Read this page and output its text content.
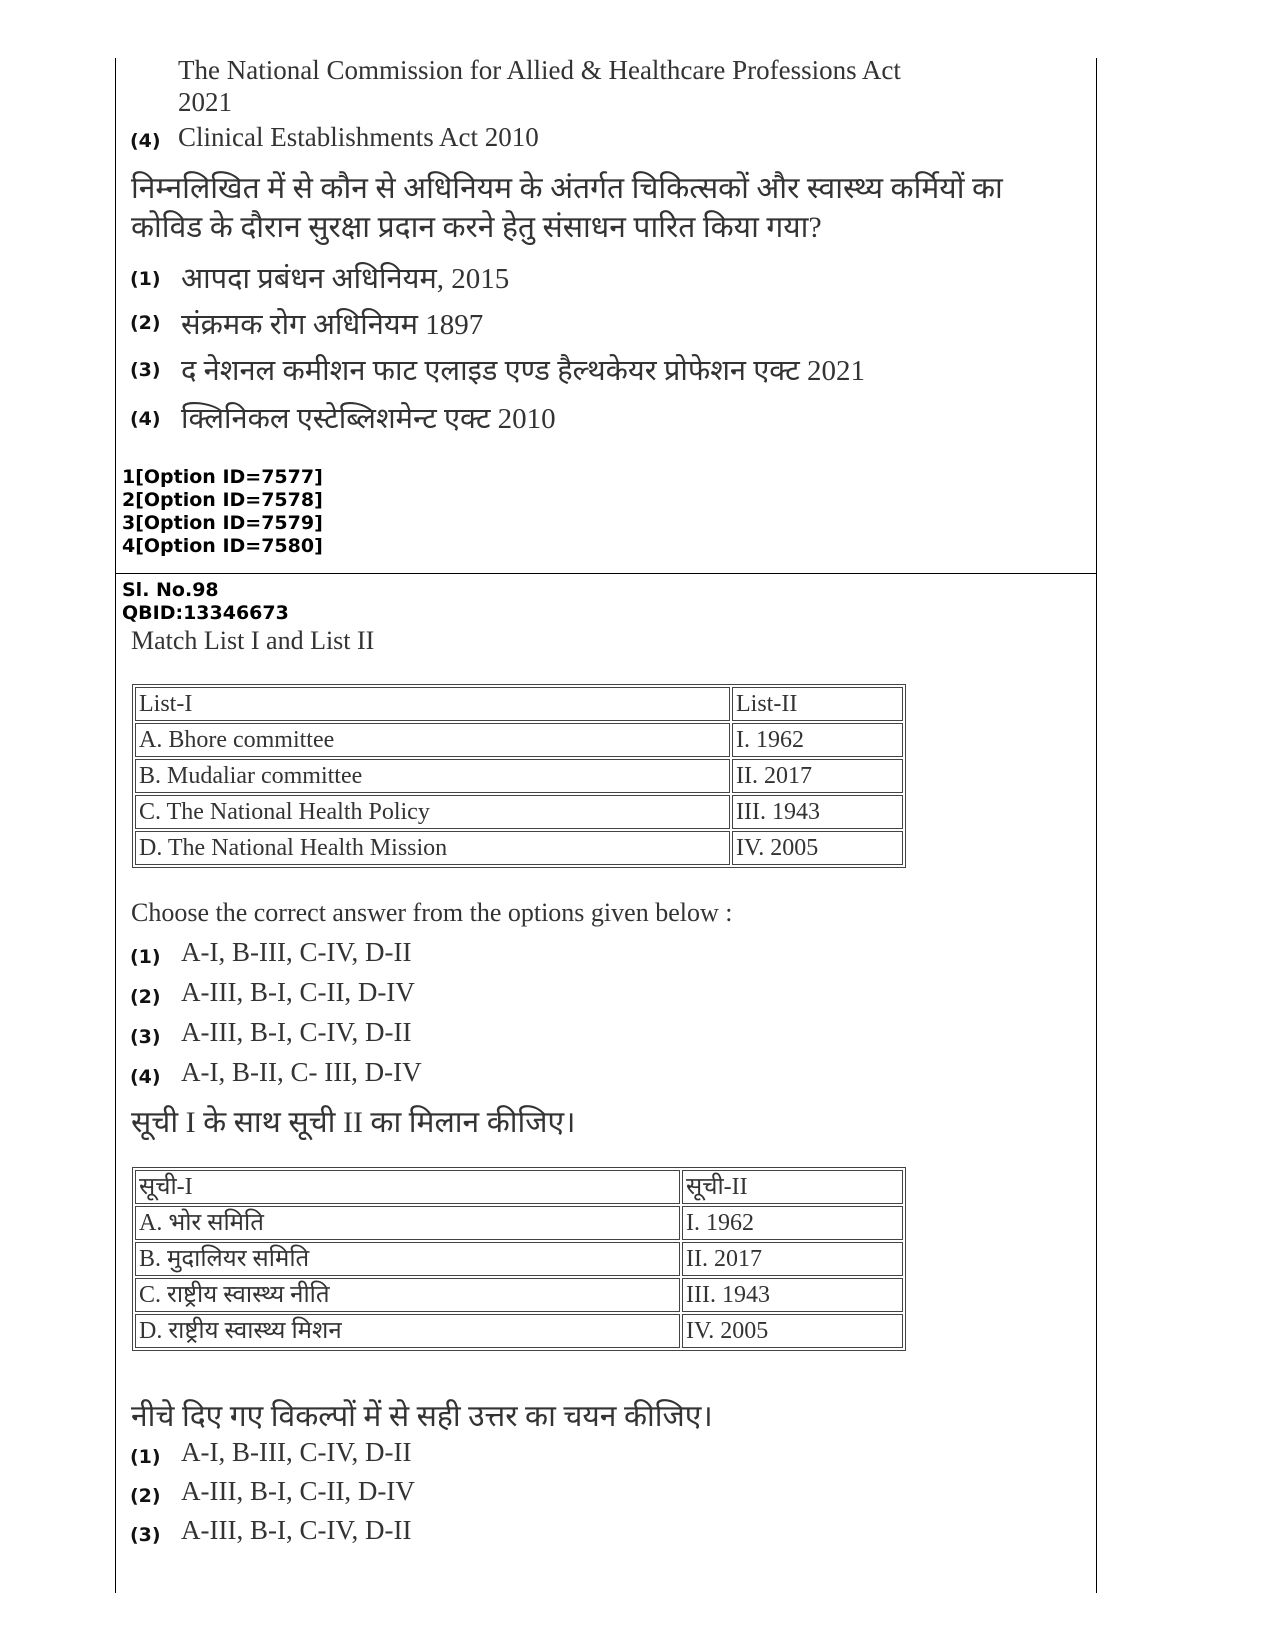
The National Commission for Allied & Healthcare Professions Act
2021
(4) Clinical Establishments Act 2010
निम्नलिखित में से कौन से अधिनियम के अंतर्गत चिकित्सकों और स्वास्थ्य कर्मियों का
कोविड के दौरान सुरक्षा प्रदान करने हेतु संसाधन पारित किया गया?
(1) आपदा प्रबंधन अधिनियम, 2015
(2) संक्रमक रोग अधिनियम 1897
(3) द नेशनल कमीशन फाट एलाइड एण्ड हैल्थकेयर प्रोफेशन एक्ट 2021
(4) क्लिनिकल एस्टेब्लिशमेन्ट एक्ट 2010
1[Option ID=7577]
2[Option ID=7578]
3[Option ID=7579]
4[Option ID=7580]
Sl. No.98
QBID:13346673
Match List I and List II
List-I	List-II
A. Bhore committee	I. 1962
B. Mudaliar committee	II. 2017
C. The National Health Policy	III. 1943
D. The National Health Mission	IV. 2005
Choose the correct answer from the options given below :
(1) A-I, B-III, C-IV, D-II
(2) A-III, B-I, C-II, D-IV
(3) A-III, B-I, C-IV, D-II
(4) A-I, B-II, C- III, D-IV
सूची I के साथ सूची II का मिलान कीजिए।
सूची-I	सूची-II
A. भोर समिति	I. 1962
B. मुदालियर समिति	II. 2017
C. राष्ट्रीय स्वास्थ्य नीति	III. 1943
D. राष्ट्रीय स्वास्थ्य मिशन	IV. 2005
नीचे दिए गए विकल्पों में से सही उत्तर का चयन कीजिए।
(1) A-I, B-III, C-IV, D-II
(2) A-III, B-I, C-II, D-IV
(3) A-III, B-I, C-IV, D-II
